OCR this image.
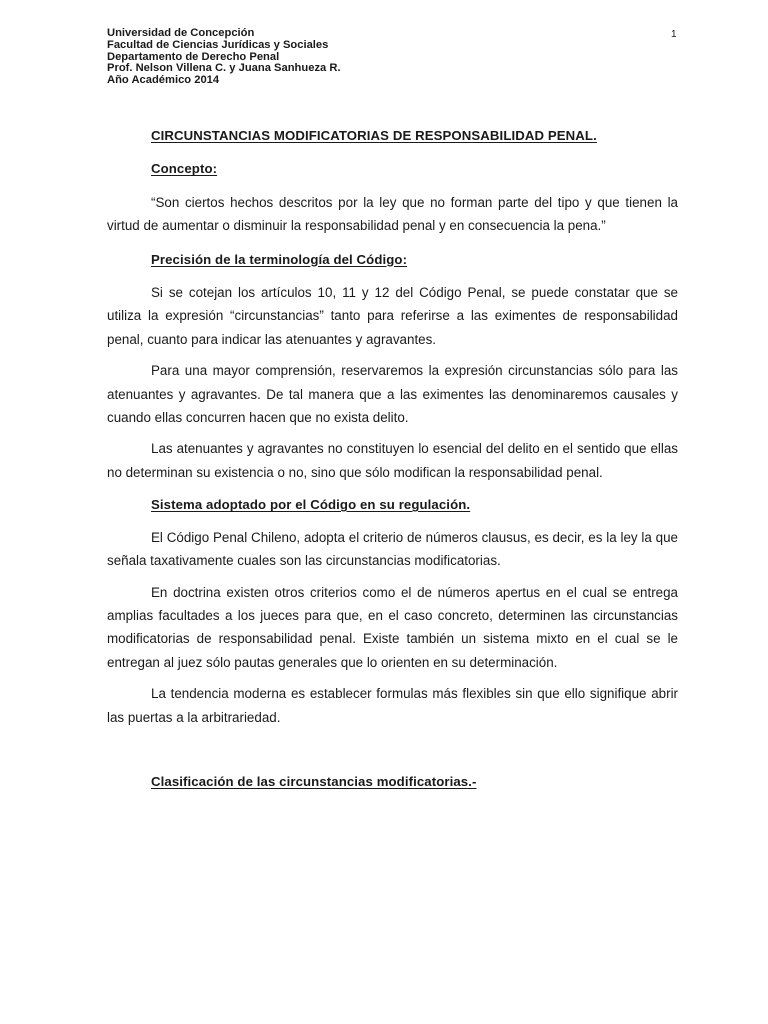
Universidad de Concepción
Facultad de Ciencias Jurídicas y Sociales
Departamento de Derecho Penal
Prof. Nelson Villena C. y Juana Sanhueza R.
Año Académico 2014
1

CIRCUNSTANCIAS MODIFICATORIAS DE RESPONSABILIDAD PENAL.

Concepto:

“Son ciertos hechos descritos por la ley que no forman parte del tipo y que tienen la virtud de aumentar o disminuir la responsabilidad penal y en consecuencia la pena.”

Precisión de la terminología del Código:

Si se cotejan los artículos 10, 11 y 12 del Código Penal, se puede constatar que se utiliza la expresión “circunstancias” tanto para referirse a las eximentes de responsabilidad penal, cuanto para indicar las atenuantes y agravantes.

Para una mayor comprensión, reservaremos la expresión circunstancias sólo para las atenuantes y agravantes. De tal manera que a las eximentes las denominaremos causales y cuando ellas concurren hacen que no exista delito.

Las atenuantes y agravantes no constituyen lo esencial del delito en el sentido que ellas no determinan su existencia o no, sino que sólo modifican la responsabilidad penal.

Sistema adoptado por el Código en su regulación.

El Código Penal Chileno, adopta el criterio de números clausus, es decir, es la ley la que señala taxativamente cuales son las circunstancias modificatorias.

En doctrina existen otros criterios como el de números apertus en el cual se entrega amplias facultades a los jueces para que, en el caso concreto, determinen las circunstancias modificatorias de responsabilidad penal. Existe también un sistema mixto en el cual se le entregan al juez sólo pautas generales que lo orienten en su determinación.

La tendencia moderna es establecer formulas más flexibles sin que ello signifique abrir las puertas a la arbitrariedad.

Clasificación de las circunstancias modificatorias.-
